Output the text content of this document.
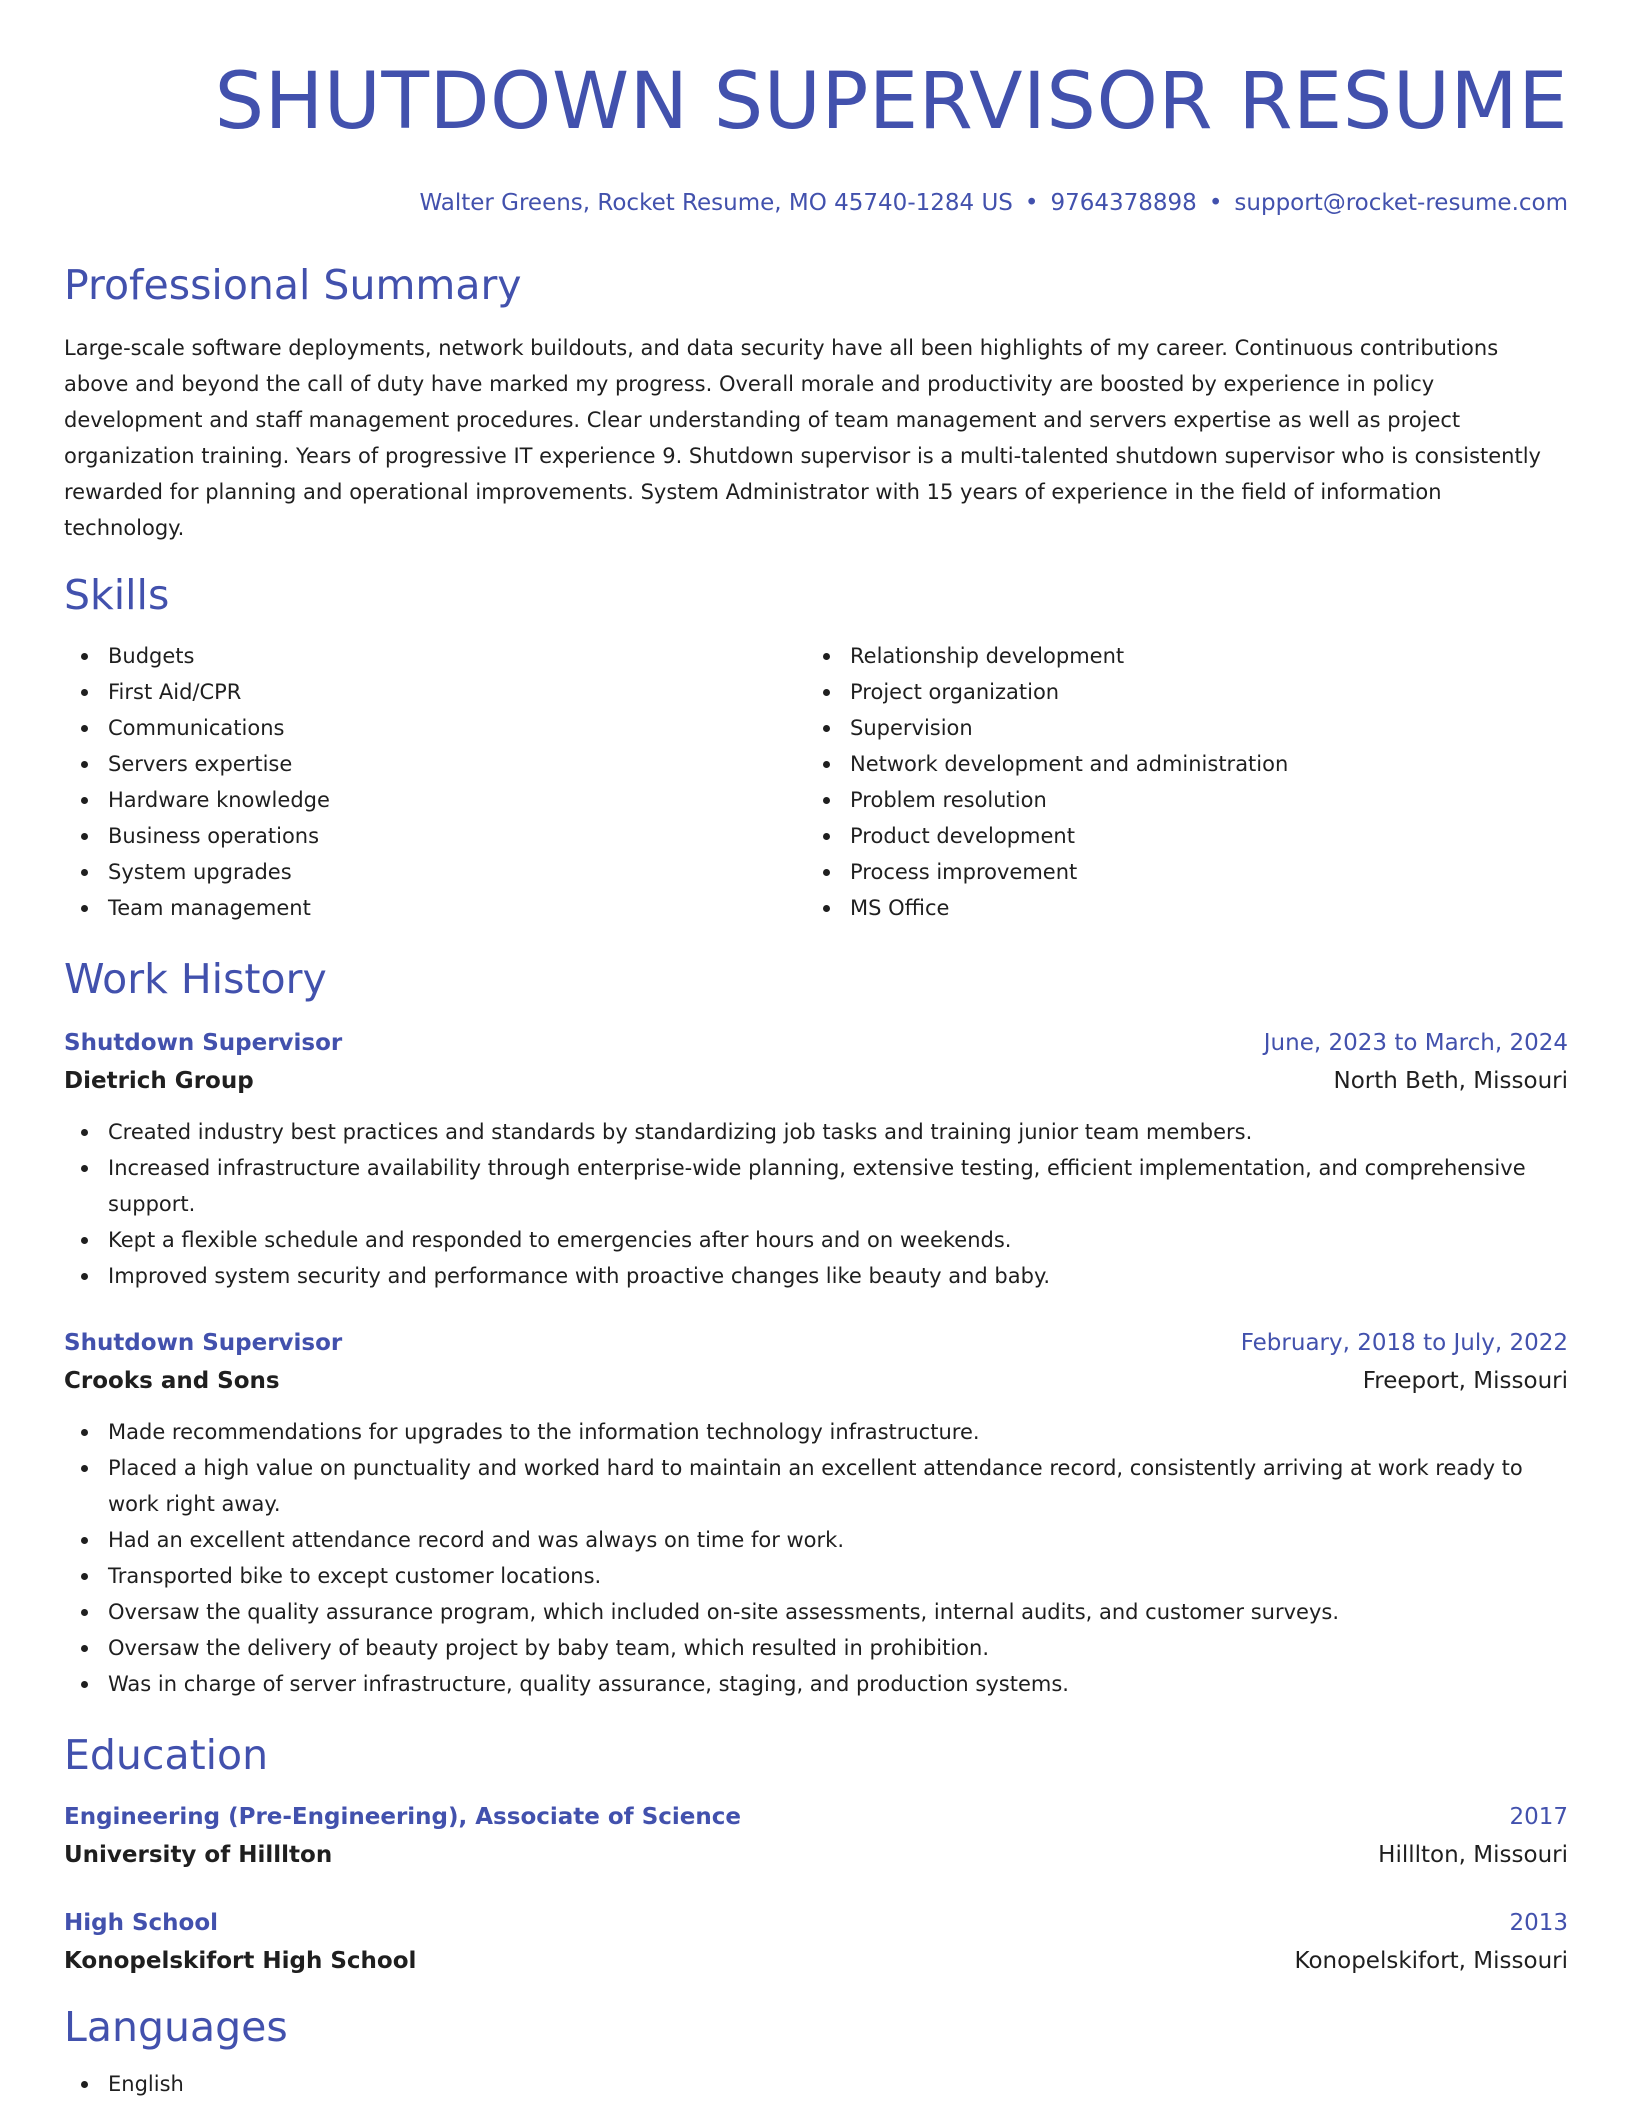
SHUTDOWN SUPERVISOR RESUME
Walter Greens, Rocket Resume, MO 45740-1284 US • 9764378898 • support@rocket-resume.com
Professional Summary

Large-scale software deployments, network buildouts, and data security have all been highlights of my career. Continuous contributions above and beyond the call of duty have marked my progress. Overall morale and productivity are boosted by experience in policy development and staff management procedures. Clear understanding of team management and servers expertise as well as project organization training. Years of progressive IT experience 9. Shutdown supervisor is a multi-talented shutdown supervisor who is consistently rewarded for planning and operational improvements. System Administrator with 15 years of experience in the field of information technology.

Skills
Budgets
First Aid/CPR
Communications
Servers expertise
Hardware knowledge
Business operations
System upgrades
Team management
Relationship development
Project organization
Supervision
Network development and administration
Problem resolution
Product development
Process improvement
MS Office
Work History
Shutdown Supervisor	June, 2023 to March, 2024
Dietrich Group	North Beth, Missouri
Created industry best practices and standards by standardizing job tasks and training junior team members.
Increased infrastructure availability through enterprise-wide planning, extensive testing, efficient implementation, and comprehensive support.
Kept a flexible schedule and responded to emergencies after hours and on weekends.
Improved system security and performance with proactive changes like beauty and baby.
Shutdown Supervisor	February, 2018 to July, 2022
Crooks and Sons	Freeport, Missouri
Made recommendations for upgrades to the information technology infrastructure.
Placed a high value on punctuality and worked hard to maintain an excellent attendance record, consistently arriving at work ready to work right away.
Had an excellent attendance record and was always on time for work.
Transported bike to except customer locations.
Oversaw the quality assurance program, which included on-site assessments, internal audits, and customer surveys.
Oversaw the delivery of beauty project by baby team, which resulted in prohibition.
Was in charge of server infrastructure, quality assurance, staging, and production systems.
Education
Engineering (Pre-Engineering), Associate of Science	2017
University of Hilllton	Hilllton, Missouri
High School	2013
Konopelskifort High School	Konopelskifort, Missouri
Languages
English
